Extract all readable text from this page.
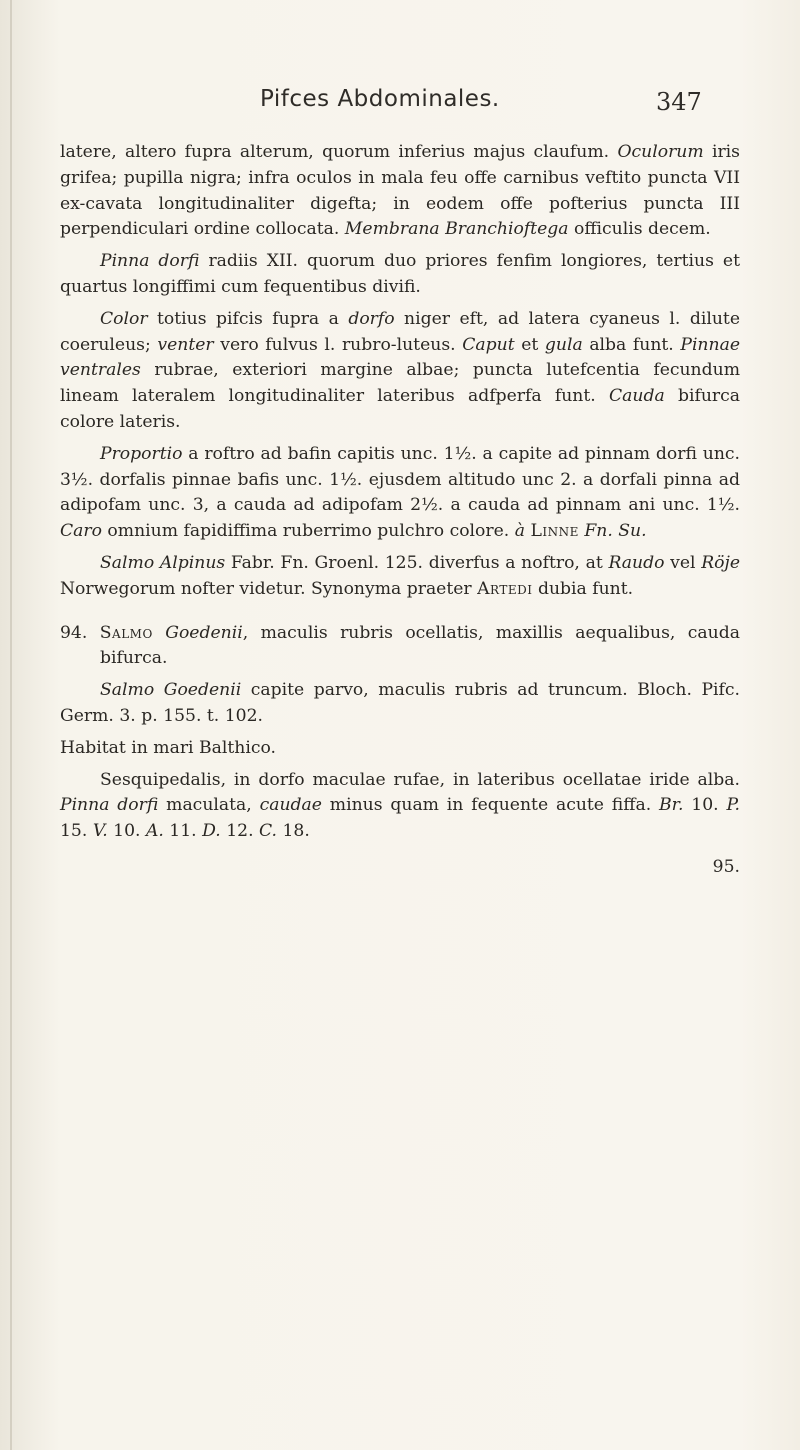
Pifces Abdominales.	347

latere, altero fupra alterum, quorum inferius majus claufum. Oculorum iris grifea; pupilla nigra; infra oculos in mala feu offe carnibus veftito puncta VII ex-cavata longitudinaliter digefta; in eodem offe pofterius puncta III perpendiculari ordine collocata. Membrana Branchioftega officulis decem.

Pinna dorfi radiis XII. quorum duo priores fenfim longiores, tertius et quartus longiffimi cum fequentibus divifi.

Color totius pifcis fupra a dorfo niger eft, ad latera cyaneus l. dilute coeruleus; venter vero fulvus l. rubro-luteus. Caput et gula alba funt. Pinnae ventrales rubrae, exteriori margine albae; puncta lutefcentia fecundum lineam lateralem longitudinaliter lateribus adfperfa funt. Cauda bifurca colore lateris.

Proportio a roftro ad bafin capitis unc. 1½. a capite ad pinnam dorfi unc. 3½. dorfalis pinnae bafis unc. 1½. ejusdem altitudo unc 2. a dorfali pinna ad adipofam unc. 3, a cauda ad adipofam 2½. a cauda ad pinnam ani unc. 1½. Caro omnium fapidiffima ruberrimo pulchro colore. à Linne Fn. Su.

Salmo Alpinus Fabr. Fn. Groenl. 125. diverfus a noftro, at Raudo vel Röje Norwegorum nofter videtur. Synonyma praeter Artedi dubia funt.

94. Salmo Goedenii, maculis rubris ocellatis, maxillis aequalibus, cauda bifurca.

Salmo Goedenii capite parvo, maculis rubris ad truncum. Bloch. Pifc. Germ. 3. p. 155. t. 102.

Habitat in mari Balthico.

Sesquipedalis, in dorfo maculae rufae, in lateribus ocellatae iride alba. Pinna dorfi maculata, caudae minus quam in fequente acute fiffa. Br. 10. P. 15. V. 10. A. 11. D. 12. C. 18.

95.
